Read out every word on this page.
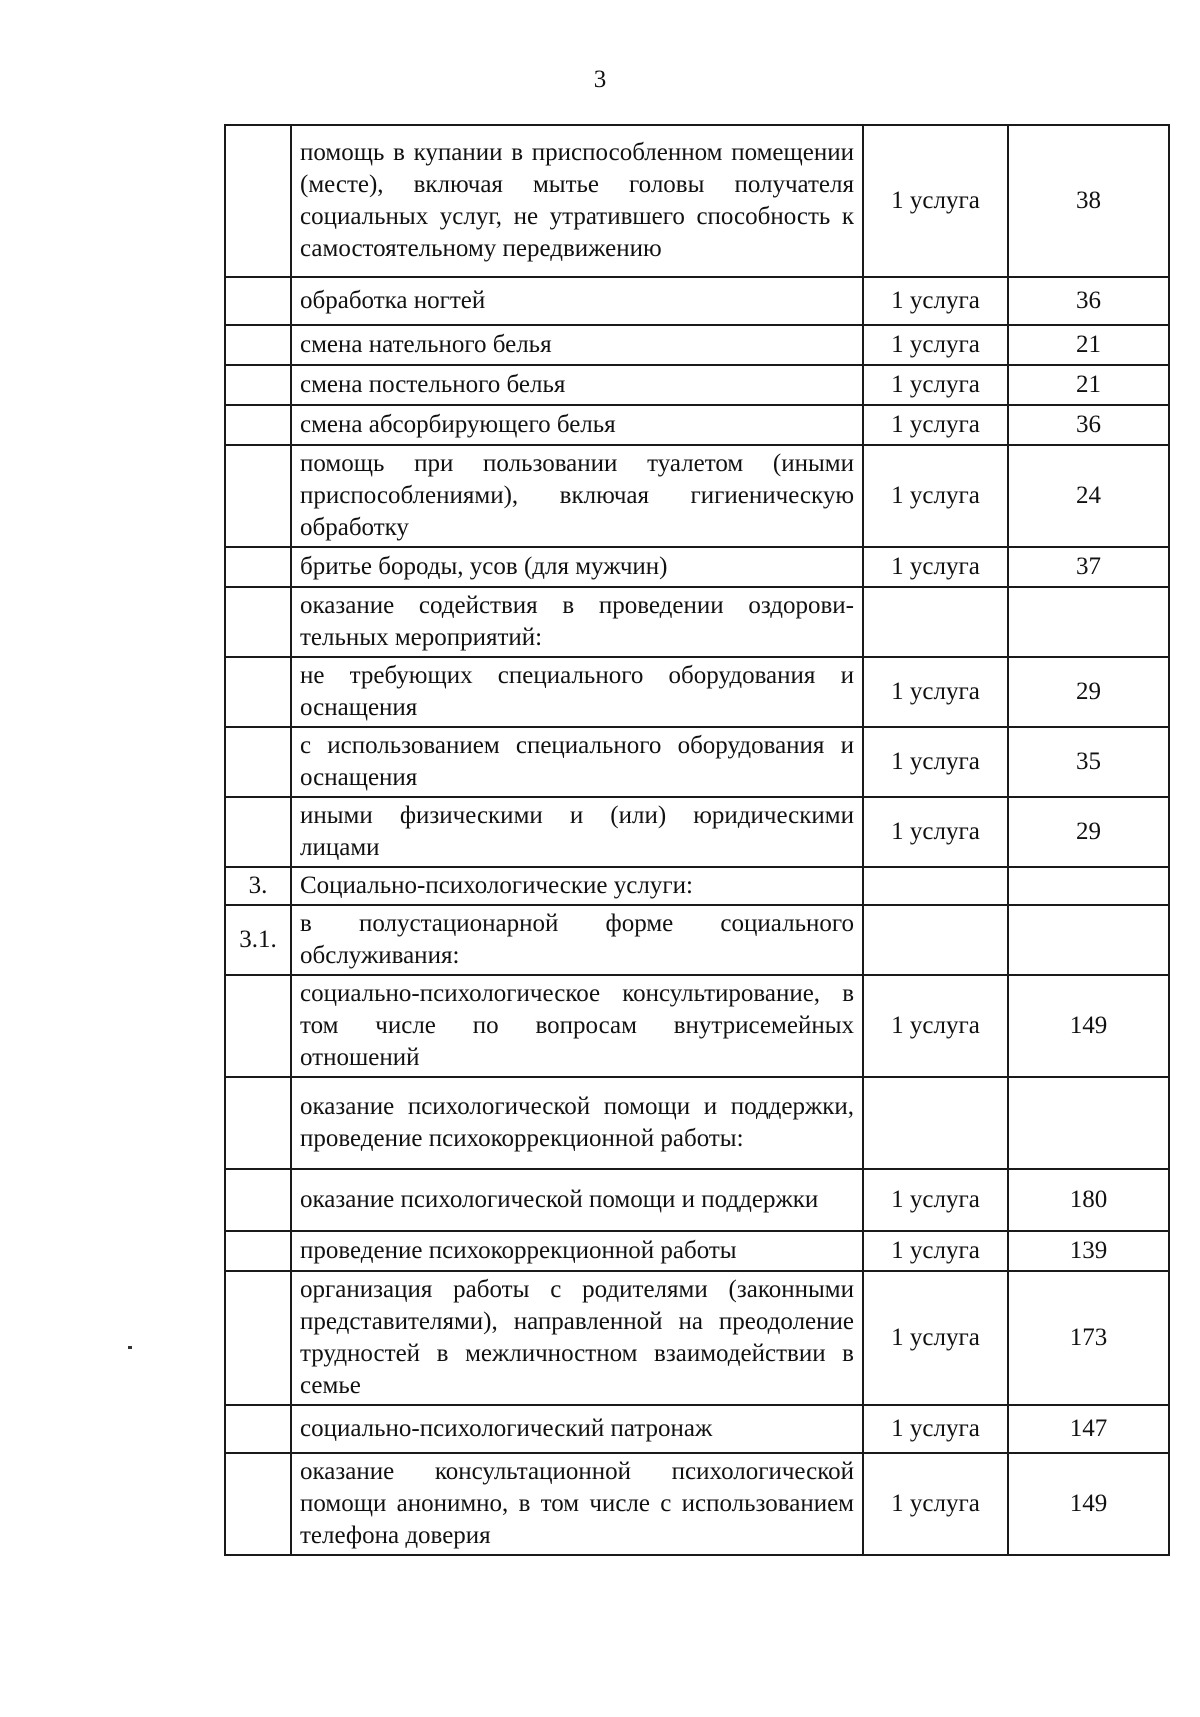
3
	помощь в купании в приспособленном помещении (месте), включая мытье головы получателя социальных услуг, не утратившего способность к самостоятельному передвижению	1 услуга	38
	обработка ногтей	1 услуга	36
	смена нательного белья	1 услуга	21
	смена постельного белья	1 услуга	21
	смена абсорбирующего белья	1 услуга	36
	помощь при пользовании туалетом (иными приспособлениями), включая гигиеническую обработку	1 услуга	24
	бритье бороды, усов (для мужчин)	1 услуга	37
	оказание содействия в проведении оздоровительных мероприятий:		
	не требующих специального оборудования и оснащения	1 услуга	29
	с использованием специального оборудования и оснащения	1 услуга	35
	иными физическими и (или) юридическими лицами	1 услуга	29
3.	Социально-психологические услуги:		
3.1.	в полустационарной форме социального обслуживания:		
	социально-психологическое консультирование, в том числе по вопросам внутрисемейных отношений	1 услуга	149
	оказание психологической помощи и поддержки, проведение психокоррекционной работы:		
	оказание психологической помощи и поддержки	1 услуга	180
	проведение психокоррекционной работы	1 услуга	139
	организация работы с родителями (законными представителями), направленной на преодоление трудностей в межличностном взаимодействии в семье	1 услуга	173
	социально-психологический патронаж	1 услуга	147
	оказание консультационной психологической помощи анонимно, в том числе с использованием телефона доверия	1 услуга	149
